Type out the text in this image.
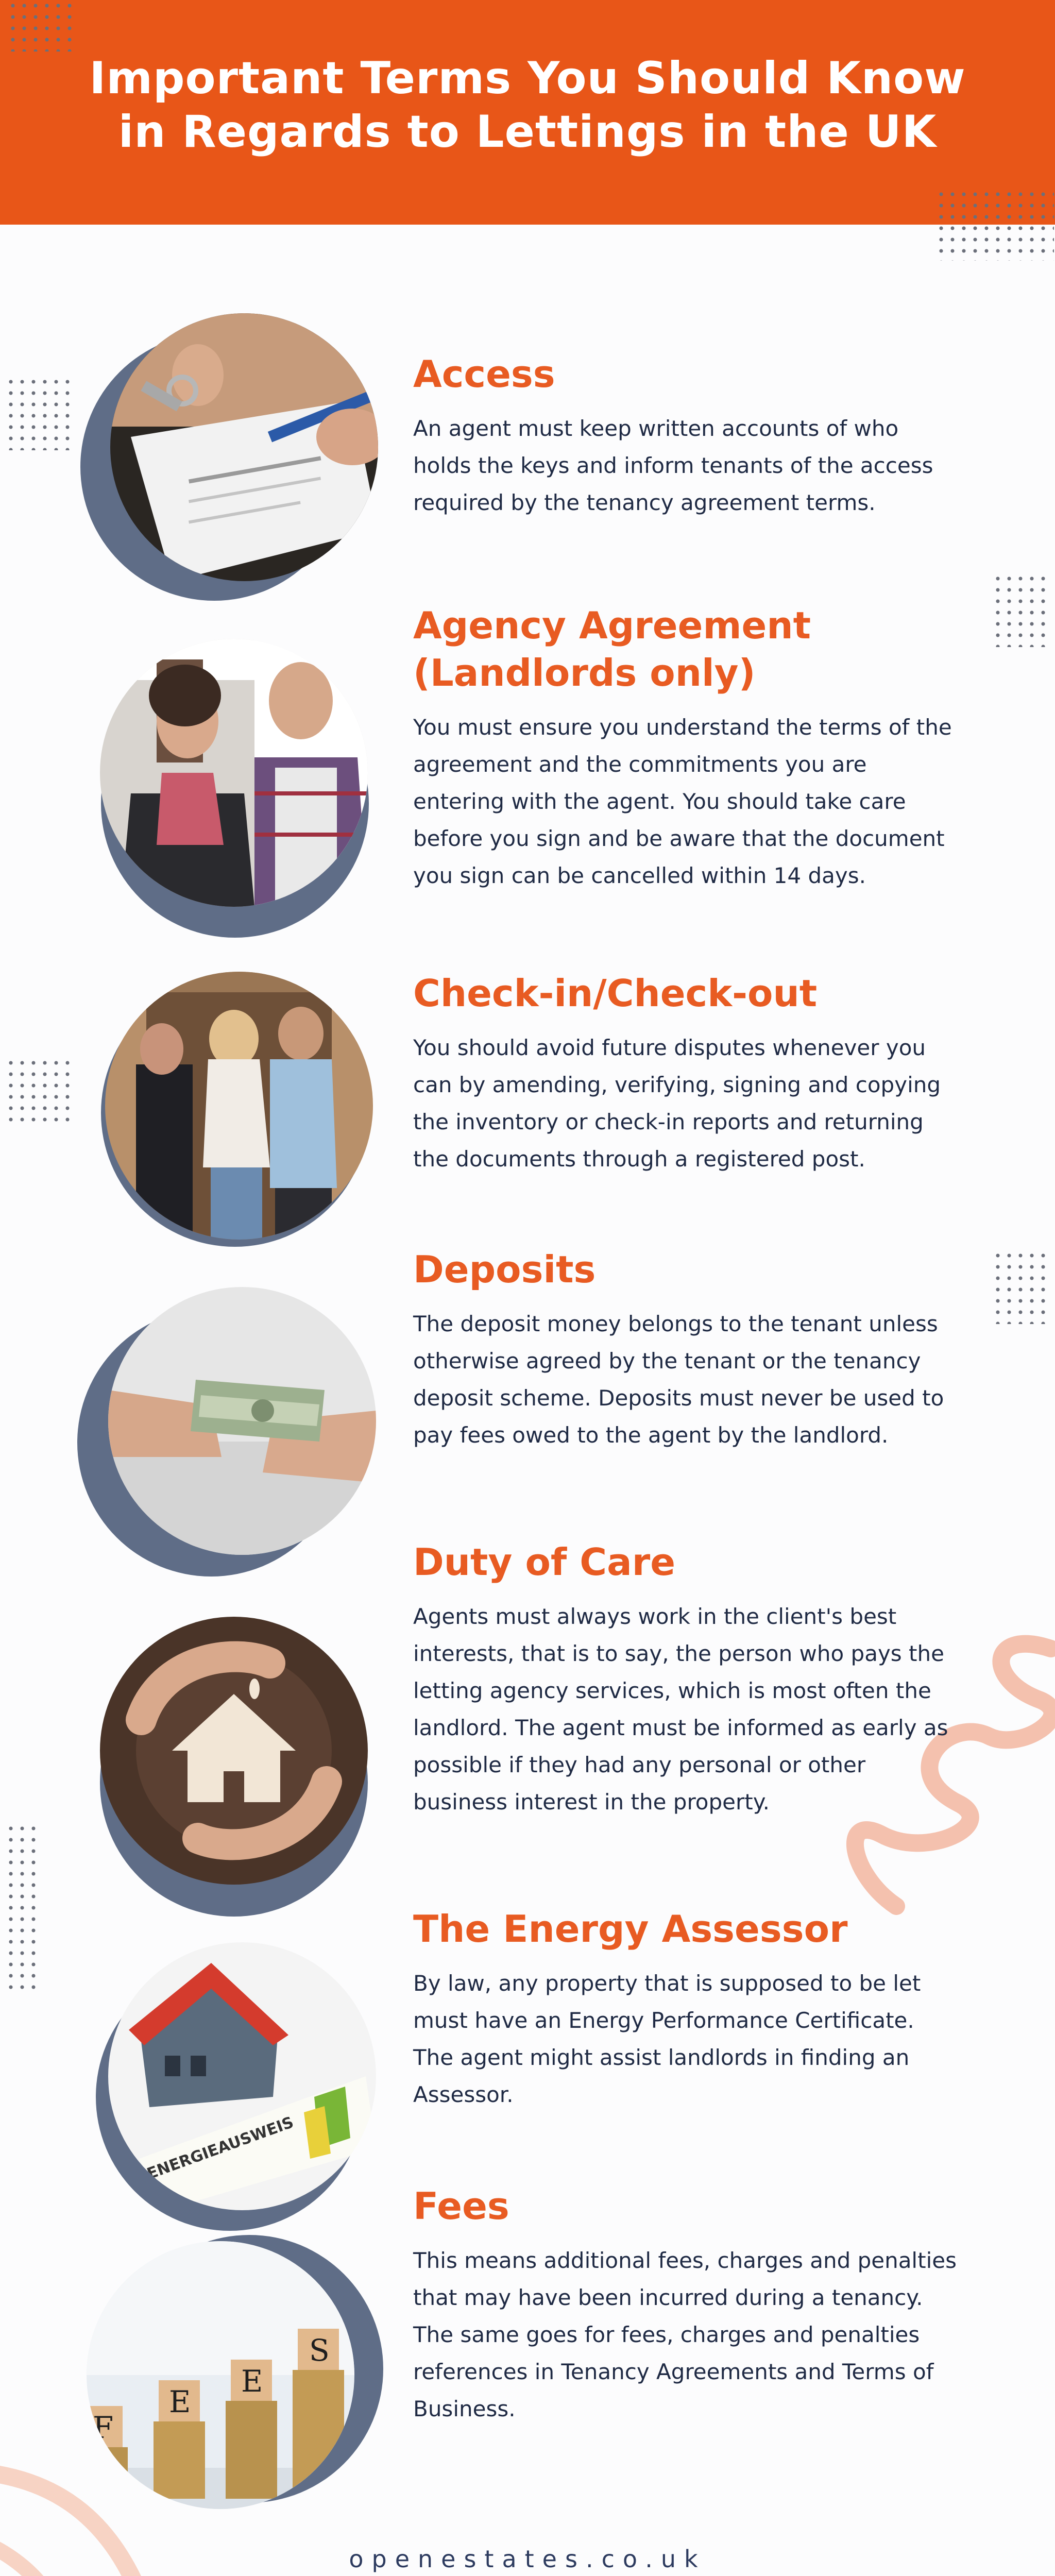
Important Terms You Should Know
in Regards to Lettings in the UK
Access
An agent must keep written accounts of who holds the keys and inform tenants of the access required by the tenancy agreement terms.
Agency Agreement
(Landlords only)
You must ensure you understand the terms of the agreement and the commitments you are entering with the agent. You should take care before you sign and be aware that the document you sign can be cancelled within 14 days.
Check-in/Check-out
You should avoid future disputes whenever you can by amending, verifying, signing and copying the inventory or check-in reports and returning the documents through a registered post.
Deposits
The deposit money belongs to the tenant unless otherwise agreed by the tenant or the tenancy deposit scheme. Deposits must never be used to pay fees owed to the agent by the landlord.
Duty of Care
Agents must always work in the client's best interests, that is to say, the person who pays the letting agency services, which is most often the landlord. The agent must be informed as early as possible if they had any personal or other business interest in the property.
ENERGIEAUSWEIS
The Energy Assessor
By law, any property that is supposed to be let must have an Energy Performance Certificate. The agent might assist landlords in finding an Assessor.
F
E
E
S
Fees
This means additional fees, charges and penalties that may have been incurred during a tenancy. The same goes for fees, charges and penalties references in Tenancy Agreements and Terms of Business.
openestates.co.uk
